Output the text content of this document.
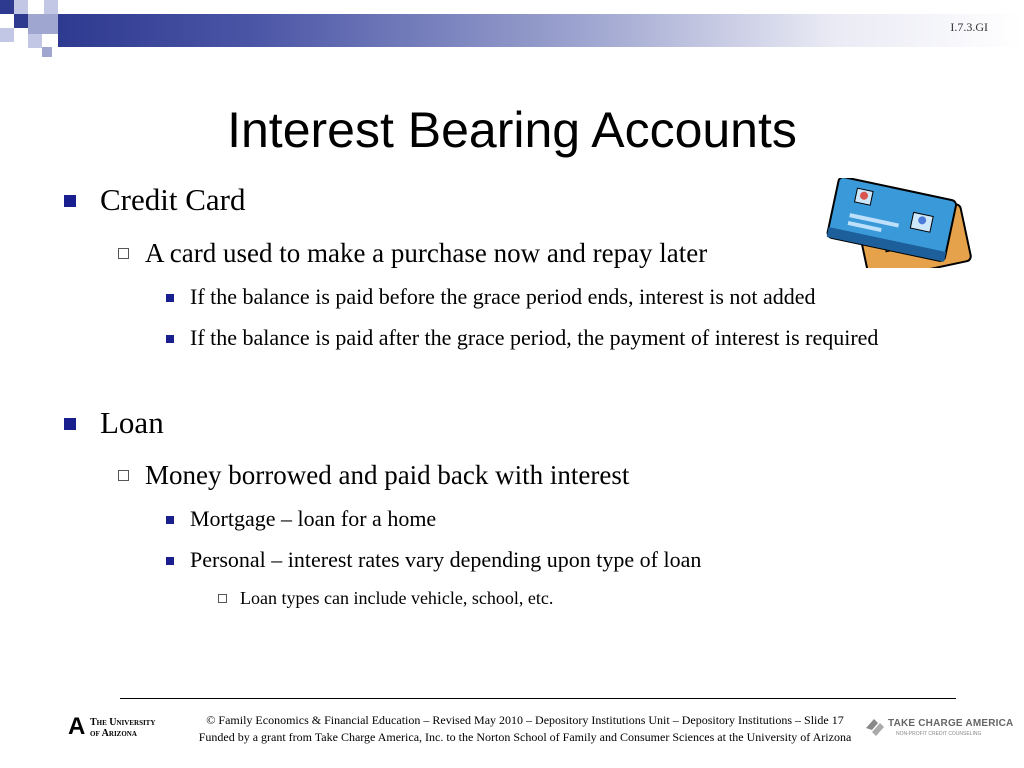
I.7.3.GI
Interest Bearing Accounts
Credit Card
A card used to make a purchase now and repay later
If the balance is paid before the grace period ends, interest is not added
If the balance is paid after the grace period, the payment of interest is required
Loan
Money borrowed and paid back with interest
Mortgage – loan for a home
Personal – interest rates vary depending upon type of loan
Loan types can include vehicle, school, etc.
A The University
of Arizona
© Family Economics & Financial Education – Revised May 2010 – Depository Institutions Unit – Depository Institutions – Slide 17
Funded by a grant from Take Charge America, Inc. to the Norton School of Family and Consumer Sciences at the University of Arizona
TAKE CHARGE AMERICA
NON-PROFIT CREDIT COUNSELING
